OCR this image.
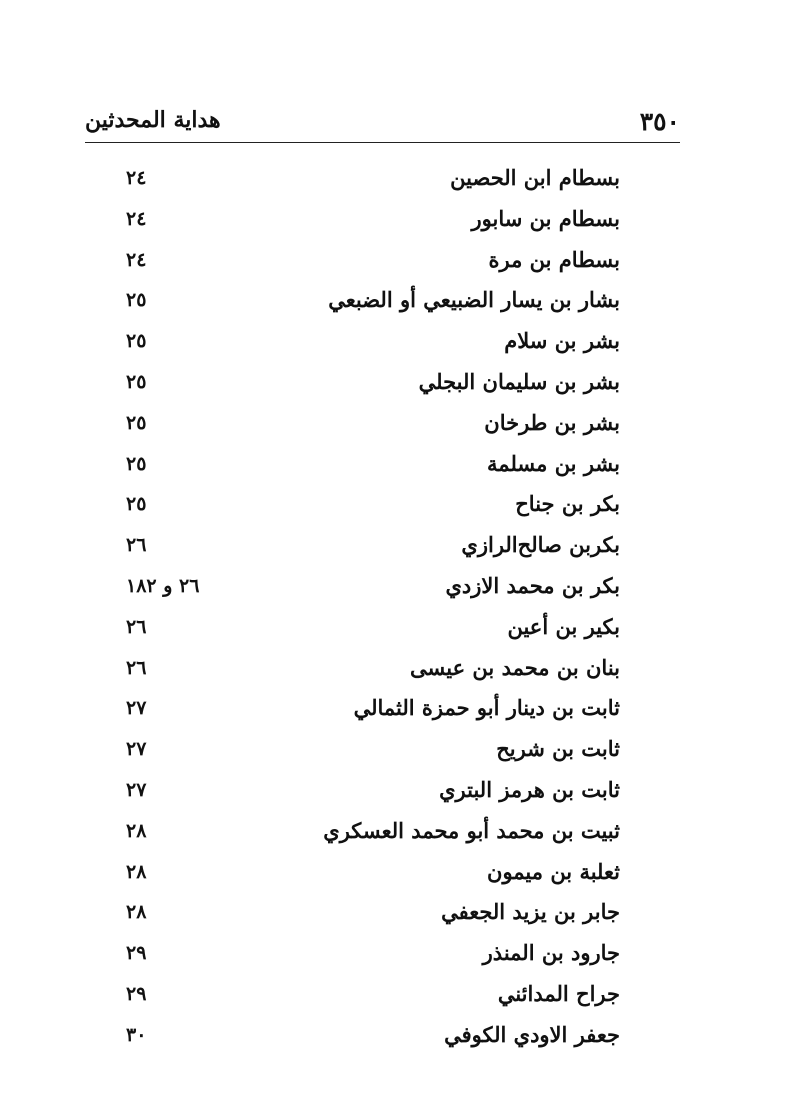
٣٥٠
هداية المحدثين
بسطام ابن الحصين
٢٤
بسطام بن سابور
٢٤
بسطام بن مرة
٢٤
بشار بن يسار الضبيعي أو الضبعي
٢٥
بشر بن سلام
٢٥
بشر بن سليمان البجلي
٢٥
بشر بن طرخان
٢٥
بشر بن مسلمة
٢٥
بكر بن جناح
٢٥
بكربن صالح‌الرازي
٢٦
بكر بن محمد الازدي
٢٦ و ١٨٢
بكير بن أعين
٢٦
بنان بن محمد بن عيسى
٢٦
ثابت بن دينار أبو حمزة الثمالي
٢٧
ثابت بن شريح
٢٧
ثابت بن هرمز البتري
٢٧
ثبيت بن محمد أبو محمد العسكري
٢٨
ثعلبة بن ميمون
٢٨
جابر بن يزيد الجعفي
٢٨
جارود بن المنذر
٢٩
جراح المدائني
٢٩
جعفر الاودي الكوفي
٣٠
